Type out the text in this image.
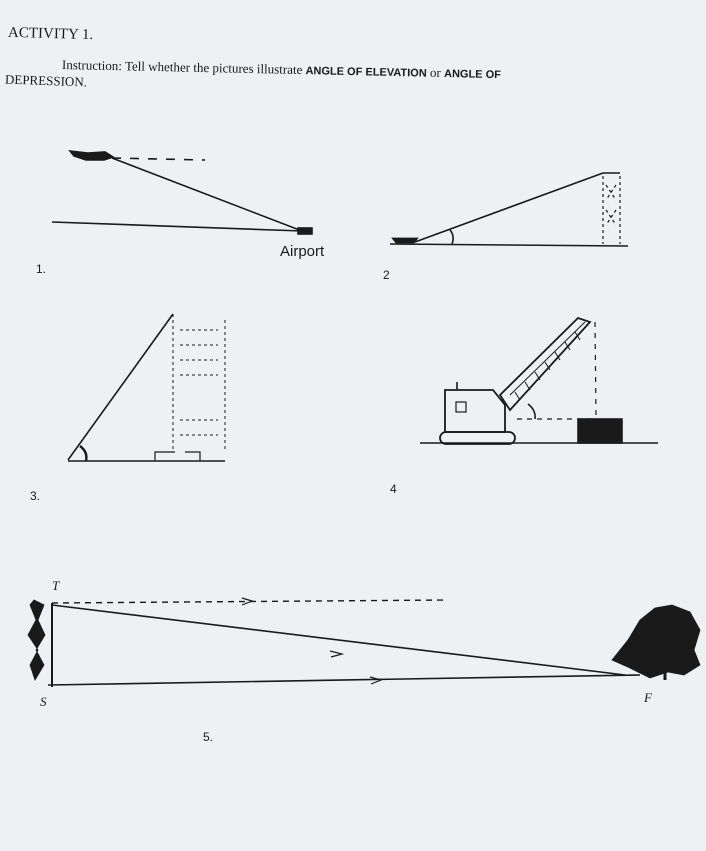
ACTIVITY 1.
Instruction: Tell whether the pictures illustrate ANGLE OF ELEVATION or ANGLE OF
DEPRESSION.
Airport
1.	2
3.	4
5.
T
S	F
